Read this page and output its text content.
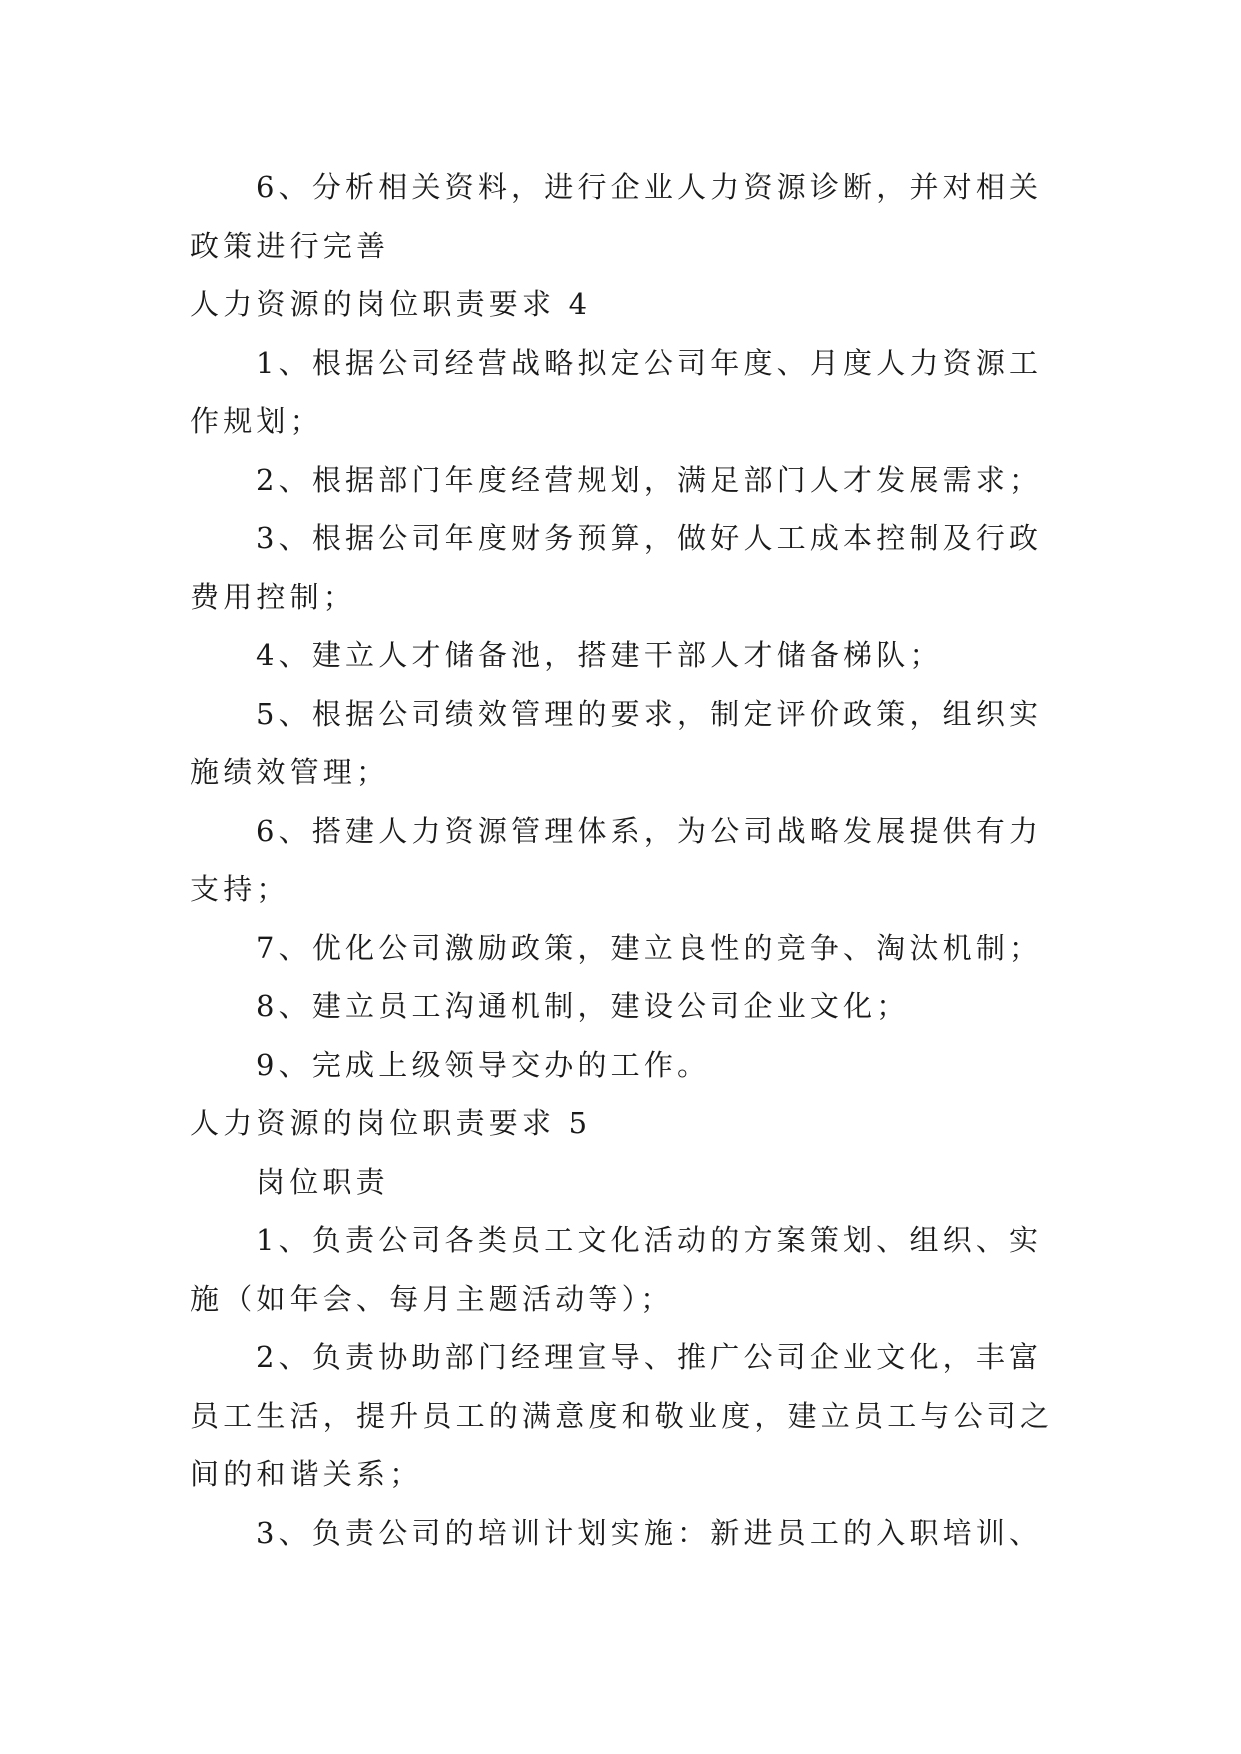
6、分析相关资料，进行企业人力资源诊断，并对相关
政策进行完善
人力资源的岗位职责要求 4
1、根据公司经营战略拟定公司年度、月度人力资源工
作规划；
2、根据部门年度经营规划，满足部门人才发展需求；
3、根据公司年度财务预算，做好人工成本控制及行政
费用控制；
4、建立人才储备池，搭建干部人才储备梯队；
5、根据公司绩效管理的要求，制定评价政策，组织实
施绩效管理；
6、搭建人力资源管理体系，为公司战略发展提供有力
支持；
7、优化公司激励政策，建立良性的竞争、淘汰机制；
8、建立员工沟通机制，建设公司企业文化；
9、完成上级领导交办的工作。
人力资源的岗位职责要求 5
岗位职责
1、负责公司各类员工文化活动的方案策划、组织、实
施（如年会、每月主题活动等）；
2、负责协助部门经理宣导、推广公司企业文化，丰富
员工生活，提升员工的满意度和敬业度，建立员工与公司之
间的和谐关系；
3、负责公司的培训计划实施：新进员工的入职培训、
